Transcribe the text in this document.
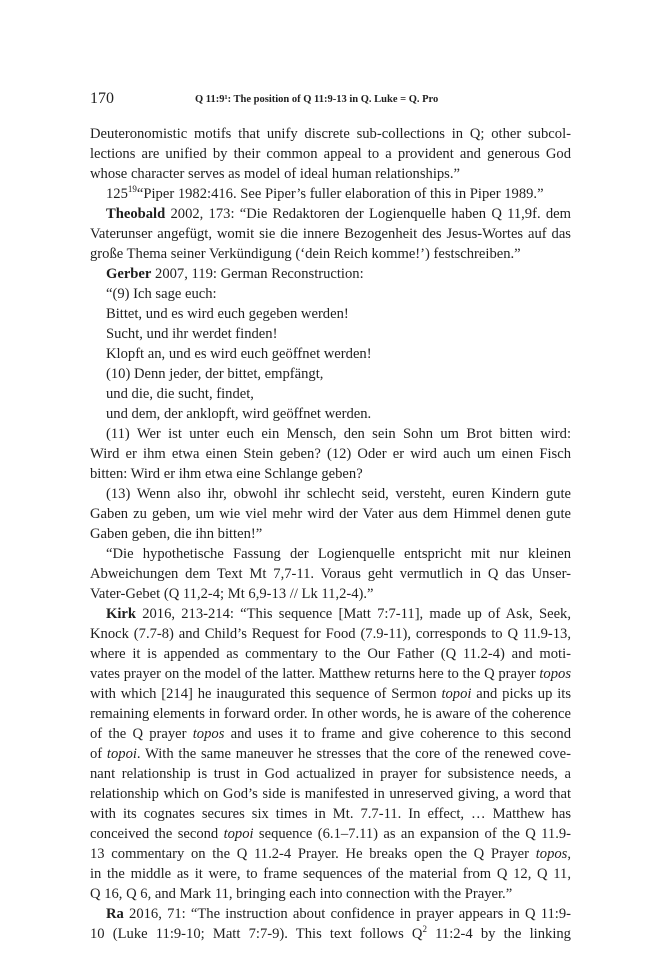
170	Q 11:9¹: The position of Q 11:9-13 in Q. Luke = Q. Pro
Deuteronomistic motifs that unify discrete sub-collections in Q; other subcol-
lections are unified by their common appeal to a provident and generous God
whose character serves as model of ideal human relationships.”
$125^{19}“Piper$ 1982:416. See Piper’s fuller elaboration of this in Piper 1989.”
Theobald 2002, 173: “Die Redaktoren der Logienquelle haben Q 11,9f. dem
Vaterunser angefügt, womit sie die innere Bezogenheit des Jesus-Wortes auf das
große Thema seiner Verkündigung (‘dein Reich komme!’) festschreiben.”
Gerber 2007, 119: German Reconstruction:
“(9) Ich sage euch:
Bittet, und es wird euch gegeben werden!
Sucht, und ihr werdet finden!
Klopft an, und es wird euch geöffnet werden!
(10) Denn jeder, der bittet, empfängt,
und die, die sucht, findet,
und dem, der anklopft, wird geöffnet werden.
(11) Wer ist unter euch ein Mensch, den sein Sohn um Brot bitten wird:
Wird er ihm etwa einen Stein geben? (12) Oder er wird auch um einen Fisch
bitten: Wird er ihm etwa eine Schlange geben?
(13) Wenn also ihr, obwohl ihr schlecht seid, versteht, euren Kindern gute
Gaben zu geben, um wie viel mehr wird der Vater aus dem Himmel denen gute
Gaben geben, die ihn bitten!”
“Die hypothetische Fassung der Logienquelle entspricht mit nur kleinen
Abweichungen dem Text Mt 7,7-11. Voraus geht vermutlich in Q das Unser-
Vater-Gebet (Q 11,2-4; Mt 6,9-13 // Lk 11,2-4).”
Kirk 2016, 213-214: “This sequence [Matt 7:7-11], made up of Ask, Seek,
Knock (7.7-8) and Child’s Request for Food (7.9-11), corresponds to Q 11.9-13,
where it is appended as commentary to the Our Father (Q 11.2-4) and moti-
vates prayer on the model of the latter. Matthew returns here to the Q prayer topos
with which [214] he inaugurated this sequence of Sermon topoi and picks up its
remaining elements in forward order. In other words, he is aware of the coherence
of the Q prayer topos and uses it to frame and give coherence to this second
of topoi. With the same maneuver he stresses that the core of the renewed cove-
nant relationship is trust in God actualized in prayer for subsistence needs, a
relationship which on God’s side is manifested in unreserved giving, a word that
with its cognates secures six times in Mt. 7.7-11. In effect, … Matthew has
conceived the second topoi sequence (6.1–7.11) as an expansion of the Q 11.9-
13 commentary on the Q 11.2-4 Prayer. He breaks open the Q Prayer topos,
in the middle as it were, to frame sequences of the material from Q 12, Q 11,
Q 16, Q 6, and Mark 11, bringing each into connection with the Prayer.”
Ra 2016, 71: “The instruction about confidence in prayer appears in Q 11:9-
10 (Luke 11:9-10; Matt 7:7-9). This text follows $Q^2$ 11:2-4 by the linking
